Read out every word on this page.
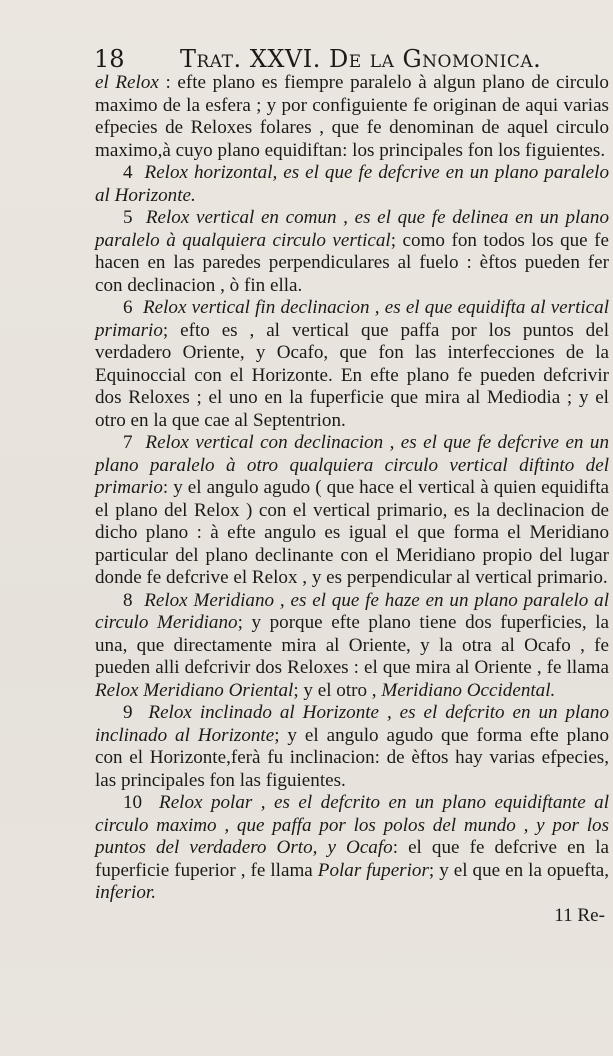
18 Trat. XXVI. De la Gnomonica.

el Relox : efte plano es fiempre paralelo à algun plano de circulo maximo de la esfera ; y por configuiente fe originan de aqui varias efpecies de Reloxes folares , que fe denominan de aquel circulo maximo,à cuyo plano equidiftan: los principales fon los figuientes.

4 Relox horizontal, es el que fe defcrive en un plano paralelo al Horizonte.

5 Relox vertical en comun , es el que fe delinea en un plano paralelo à qualquiera circulo vertical; como fon todos los que fe hacen en las paredes perpendiculares al fuelo : èftos pueden fer con declinacion , ò fin ella.

6 Relox vertical fin declinacion , es el que equidifta al vertical primario; efto es , al vertical que paffa por los puntos del verdadero Oriente, y Ocafo, que fon las interfecciones de la Equinoccial con el Horizonte. En efte plano fe pueden defcrivir dos Reloxes ; el uno en la fuperficie que mira al Mediodia ; y el otro en la que cae al Septentrion.

7 Relox vertical con declinacion , es el que fe defcrive en un plano paralelo à otro qualquiera circulo vertical diftinto del primario: y el angulo agudo ( que hace el vertical à quien equidifta el plano del Relox ) con el vertical primario, es la declinacion de dicho plano : à efte angulo es igual el que forma el Meridiano particular del plano declinante con el Meridiano propio del lugar donde fe defcrive el Relox , y es perpendicular al vertical primario.

8 Relox Meridiano , es el que fe haze en un plano paralelo al circulo Meridiano; y porque efte plano tiene dos fuperficies, la una, que directamente mira al Oriente, y la otra al Ocafo , fe pueden alli defcrivir dos Reloxes : el que mira al Oriente , fe llama Relox Meridiano Oriental; y el otro , Meridiano Occidental.

9 Relox inclinado al Horizonte , es el defcrito en un plano inclinado al Horizonte; y el angulo agudo que forma efte plano con el Horizonte,ferà fu inclinacion: de èftos hay varias efpecies, las principales fon las figuientes.

10 Relox polar , es el defcrito en un plano equidiftante al circulo maximo , que paffa por los polos del mundo , y por los puntos del verdadero Orto, y Ocafo: el que fe defcrive en la fuperficie fuperior , fe llama Polar fuperior; y el que en la opuefta, inferior.

11 Re-
